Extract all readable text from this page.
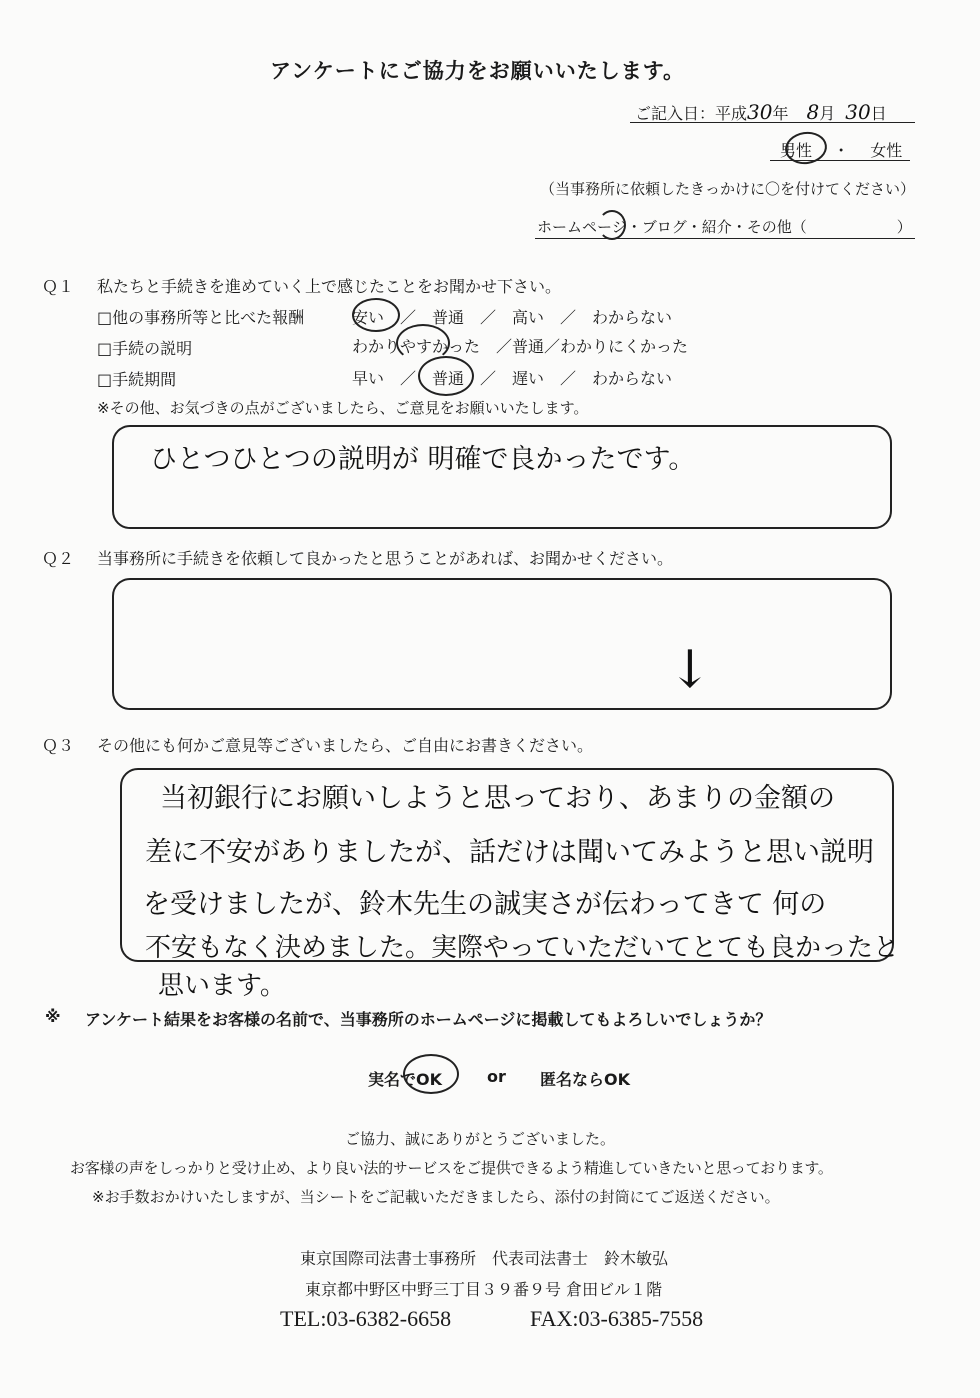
アンケートにご協力をお願いいたします。
ご記入日：平成30年 8月 30日
男性 ・ 女性
（当事務所に依頼したきっかけに〇を付けてください）
ホームページ・ブログ・紹介・その他（　　　　　　）
Ｑ１ 私たちと手続きを進めていく上で感じたことをお聞かせ下さい。
□他の事務所等と比べた報酬	安い　／　普通　／　高い　／　わからない
□手続の説明	わかりやすかった　／普通／わかりにくかった
□手続期間	早い　／　普通　／　遅い　／　わからない
※その他、お気づきの点がございましたら、ご意見をお願いいたします。
ひとつひとつの説明が 明確で良かったです。
Ｑ２ 当事務所に手続きを依頼して良かったと思うことがあれば、お聞かせください。
↓
Ｑ３ その他にも何かご意見等ございましたら、ご自由にお書きください。
当初銀行にお願いしようと思っており、あまりの金額の
差に不安がありましたが、話だけは聞いてみようと思い説明
を受けましたが、鈴木先生の誠実さが伝わってきて 何の
不安もなく決めました。実際やっていただいてとても良かったと
思います。
※ アンケート結果をお客様の名前で、当事務所のホームページに掲載してもよろしいでしょうか？
実名でOK	or 匿名ならOK
ご協力、誠にありがとうございました。
お客様の声をしっかりと受け止め、より良い法的サービスをご提供できるよう精進していきたいと思っております。
※お手数おかけいたしますが、当シートをご記載いただきましたら、添付の封筒にてご返送ください。
東京国際司法書士事務所　代表司法書士　鈴木敏弘
東京都中野区中野三丁目３９番９号 倉田ビル１階
TEL:03-6382-6658	FAX:03-6385-7558
